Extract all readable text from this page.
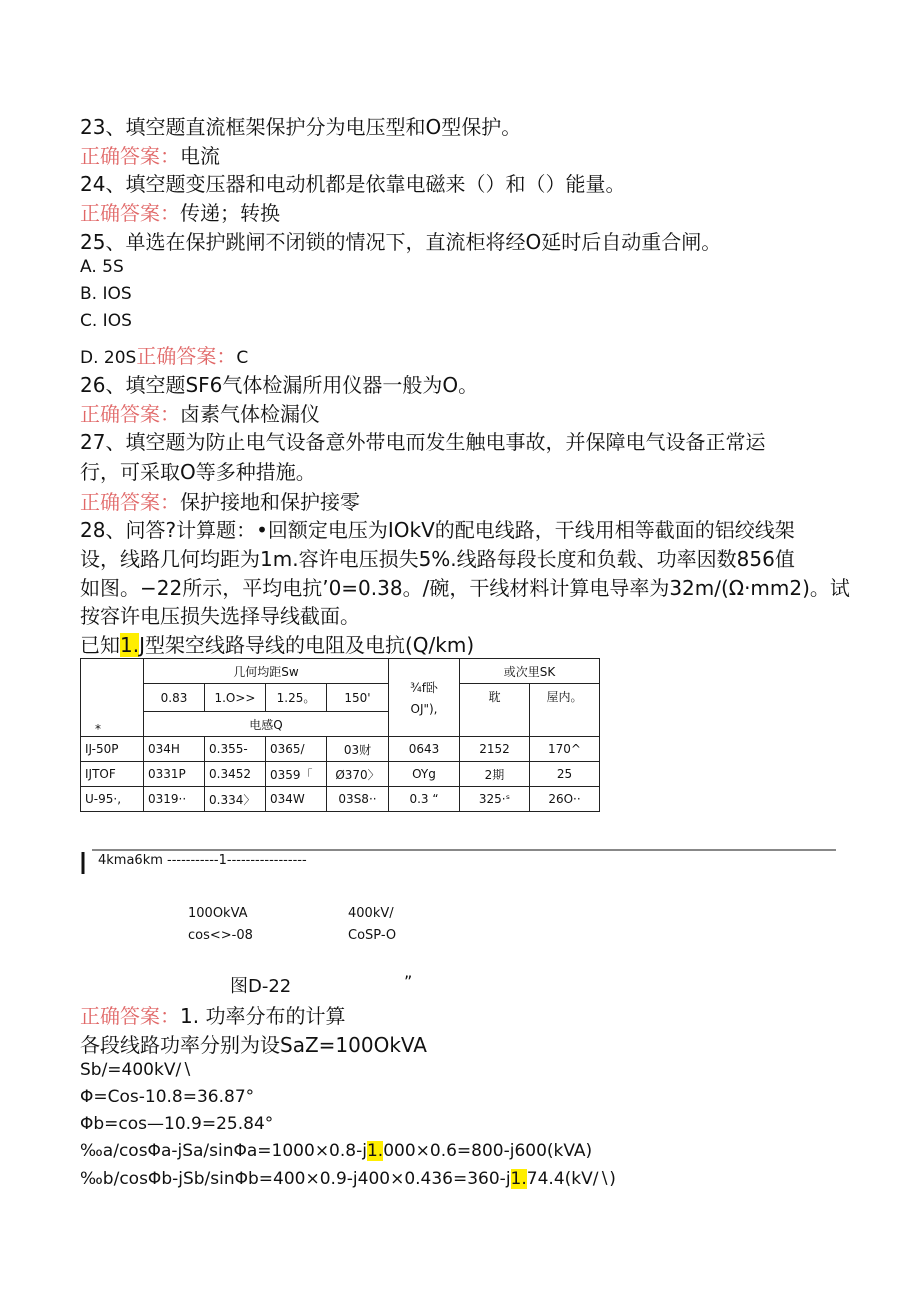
23、填空题直流框架保护分为电压型和O型保护。
正确答案：电流
24、填空题变压器和电动机都是依靠电磁来（）和（）能量。
正确答案：传递；转换
25、单选在保护跳闸不闭锁的情况下，直流柜将经O延时后自动重合闸。
A. 5S
B. IOS
C. IOS
D. 20S正确答案：C
26、填空题SF6气体检漏所用仪器一般为O。
正确答案：卤素气体检漏仪
27、填空题为防止电气设备意外带电而发生触电事故，并保障电气设备正常运
行，可采取O等多种措施。
正确答案：保护接地和保护接零
28、问答?计算题：•回额定电压为IOkV的配电线路，干线用相等截面的铝绞线架
设，线路几何均距为1m.容许电压损失5%.线路每段长度和负载、功率因数856值
如图。−22所示，平均电抗’0=0.38。/碗，干线材料计算电导率为32m∕(Ω·mm2)。试
按容许电压损失选择导线截面。
已知1.J型架空线路导线的电阻及电抗(Q/km)
*	几何均距Sw				¾f卧
OJ"),	或次里SK	
	0.83	1.O>>	1.25。	150'		耽	屋内。
	电感Q						
IJ-50P	034H	0.355-	0365/	03财	0643	2152	170^
IJTOF	0331P	0.3452	0359「	Ø370〉	OYg	2期	25
U-95·,	0319··	0.334〉	034W	03S8··	0.3 “	325·ˢ	26O··
4kma6km -----------1-----------------
100OkVA
cos<>-08
400kV/
CoSP-O
图D-22	”
正确答案：1. 功率分布的计算
各段线路功率分别为设SaZ=100OkVA
Sb∕=400kV∕∖
Φ=Cos-10.8=36.87°
Φb=cos—10.9=25.84°
‰a∕cosΦa-jSa/sinΦa=1000×0.8-j1.000×0.6=800-j600(kVA)
‰b∕cosΦb-jSb/sinΦb=400×0.9-j400×0.436=360-j1.74.4(kV∕∖)
